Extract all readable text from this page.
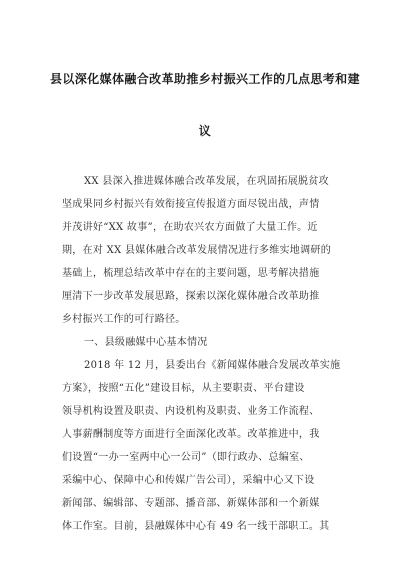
县以深化媒体融合改革助推乡村振兴工作的几点思考和建
议
XX 县深入推进媒体融合改革发展，在巩固拓展脱贫攻
坚成果同乡村振兴有效衔接宣传报道方面尽锐出战，声情
并茂讲好“XX 故事”，在助农兴农方面做了大量工作。近
期，在对 XX 县媒体融合改革发展情况进行多维实地调研的
基础上，梳理总结改革中存在的主要问题，思考解决措施
厘清下一步改革发展思路，探索以深化媒体融合改革助推
乡村振兴工作的可行路径。
一、县级融媒中心基本情况
2018 年 12 月，县委出台《新闻媒体融合发展改革实施
方案》，按照“五化”建设目标，从主要职责、平台建设
领导机构设置及职责、内设机构及职责、业务工作流程、
人事薪酬制度等方面进行全面深化改革。改革推进中，我
们设置“一办一室两中心一公司”（即行政办、总编室、
采编中心、保障中心和传媒广告公司），采编中心又下设
新闻部、编辑部、专题部、播音部、新媒体部和一个新媒
体工作室。目前，县融媒体中心有 49 名一线干部职工。其
